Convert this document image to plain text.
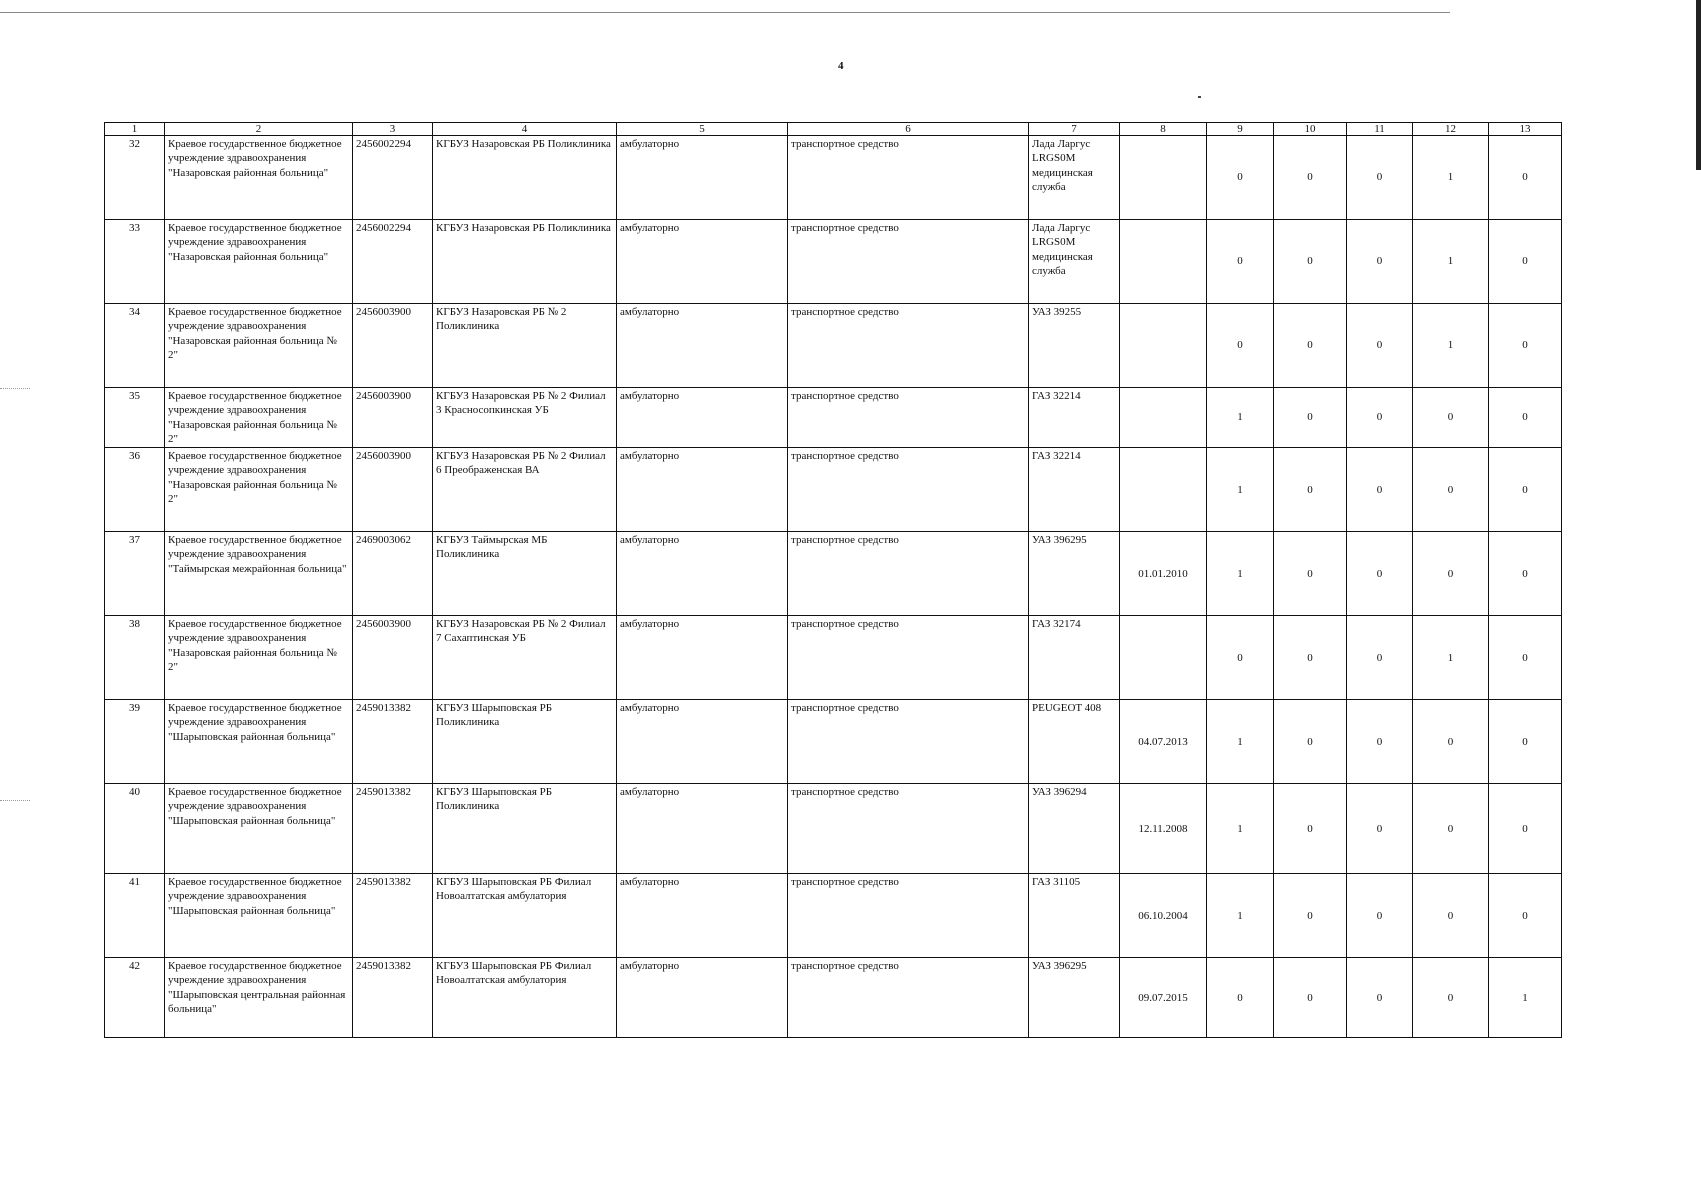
4
1	2	3	4	5	6	7	8	9	10	11	12	13
32	Краевое государственное бюджетное учреждение здравоохранения "Назаровская районная больница"	2456002294	КГБУЗ Назаровская РБ Поликлиника	амбулаторно	транспортное средство	Лада Ларгус LRGS0M медицинская служба		0	0	0	1	0
33	Краевое государственное бюджетное учреждение здравоохранения "Назаровская районная больница"	2456002294	КГБУЗ Назаровская РБ Поликлиника	амбулаторно	транспортное средство	Лада Ларгус LRGS0M медицинская служба		0	0	0	1	0
34	Краевое государственное бюджетное учреждение здравоохранения "Назаровская районная больница № 2"	2456003900	КГБУЗ Назаровская РБ № 2 Поликлиника	амбулаторно	транспортное средство	УАЗ 39255		0	0	0	1	0
35	Краевое государственное бюджетное учреждение здравоохранения "Назаровская районная больница № 2"	2456003900	КГБУЗ Назаровская РБ № 2 Филиал 3 Красносопкинская УБ	амбулаторно	транспортное средство	ГАЗ 32214		1	0	0	0	0
36	Краевое государственное бюджетное учреждение здравоохранения "Назаровская районная больница № 2"	2456003900	КГБУЗ Назаровская РБ № 2 Филиал 6 Преображенская ВА	амбулаторно	транспортное средство	ГАЗ 32214		1	0	0	0	0
37	Краевое государственное бюджетное учреждение здравоохранения "Таймырская межрайонная больница"	2469003062	КГБУЗ Таймырская МБ Поликлиника	амбулаторно	транспортное средство	УАЗ 396295	01.01.2010	1	0	0	0	0
38	Краевое государственное бюджетное учреждение здравоохранения "Назаровская районная больница № 2"	2456003900	КГБУЗ Назаровская РБ № 2 Филиал 7 Сахаптинская УБ	амбулаторно	транспортное средство	ГАЗ 32174		0	0	0	1	0
39	Краевое государственное бюджетное учреждение здравоохранения "Шарыповская районная больница"	2459013382	КГБУЗ Шарыповская РБ Поликлиника	амбулаторно	транспортное средство	PEUGEOT 408	04.07.2013	1	0	0	0	0
40	Краевое государственное бюджетное учреждение здравоохранения "Шарыповская районная больница"	2459013382	КГБУЗ Шарыповская РБ Поликлиника	амбулаторно	транспортное средство	УАЗ 396294	12.11.2008	1	0	0	0	0
41	Краевое государственное бюджетное учреждение здравоохранения "Шарыповская районная больница"	2459013382	КГБУЗ Шарыповская РБ Филиал Новоалтатская амбулатория	амбулаторно	транспортное средство	ГАЗ 31105	06.10.2004	1	0	0	0	0
42	Краевое государственное бюджетное учреждение здравоохранения "Шарыповская центральная районная больница"	2459013382	КГБУЗ Шарыповская РБ Филиал Новоалтатская амбулатория	амбулаторно	транспортное средство	УАЗ 396295	09.07.2015	0	0	0	0	1
